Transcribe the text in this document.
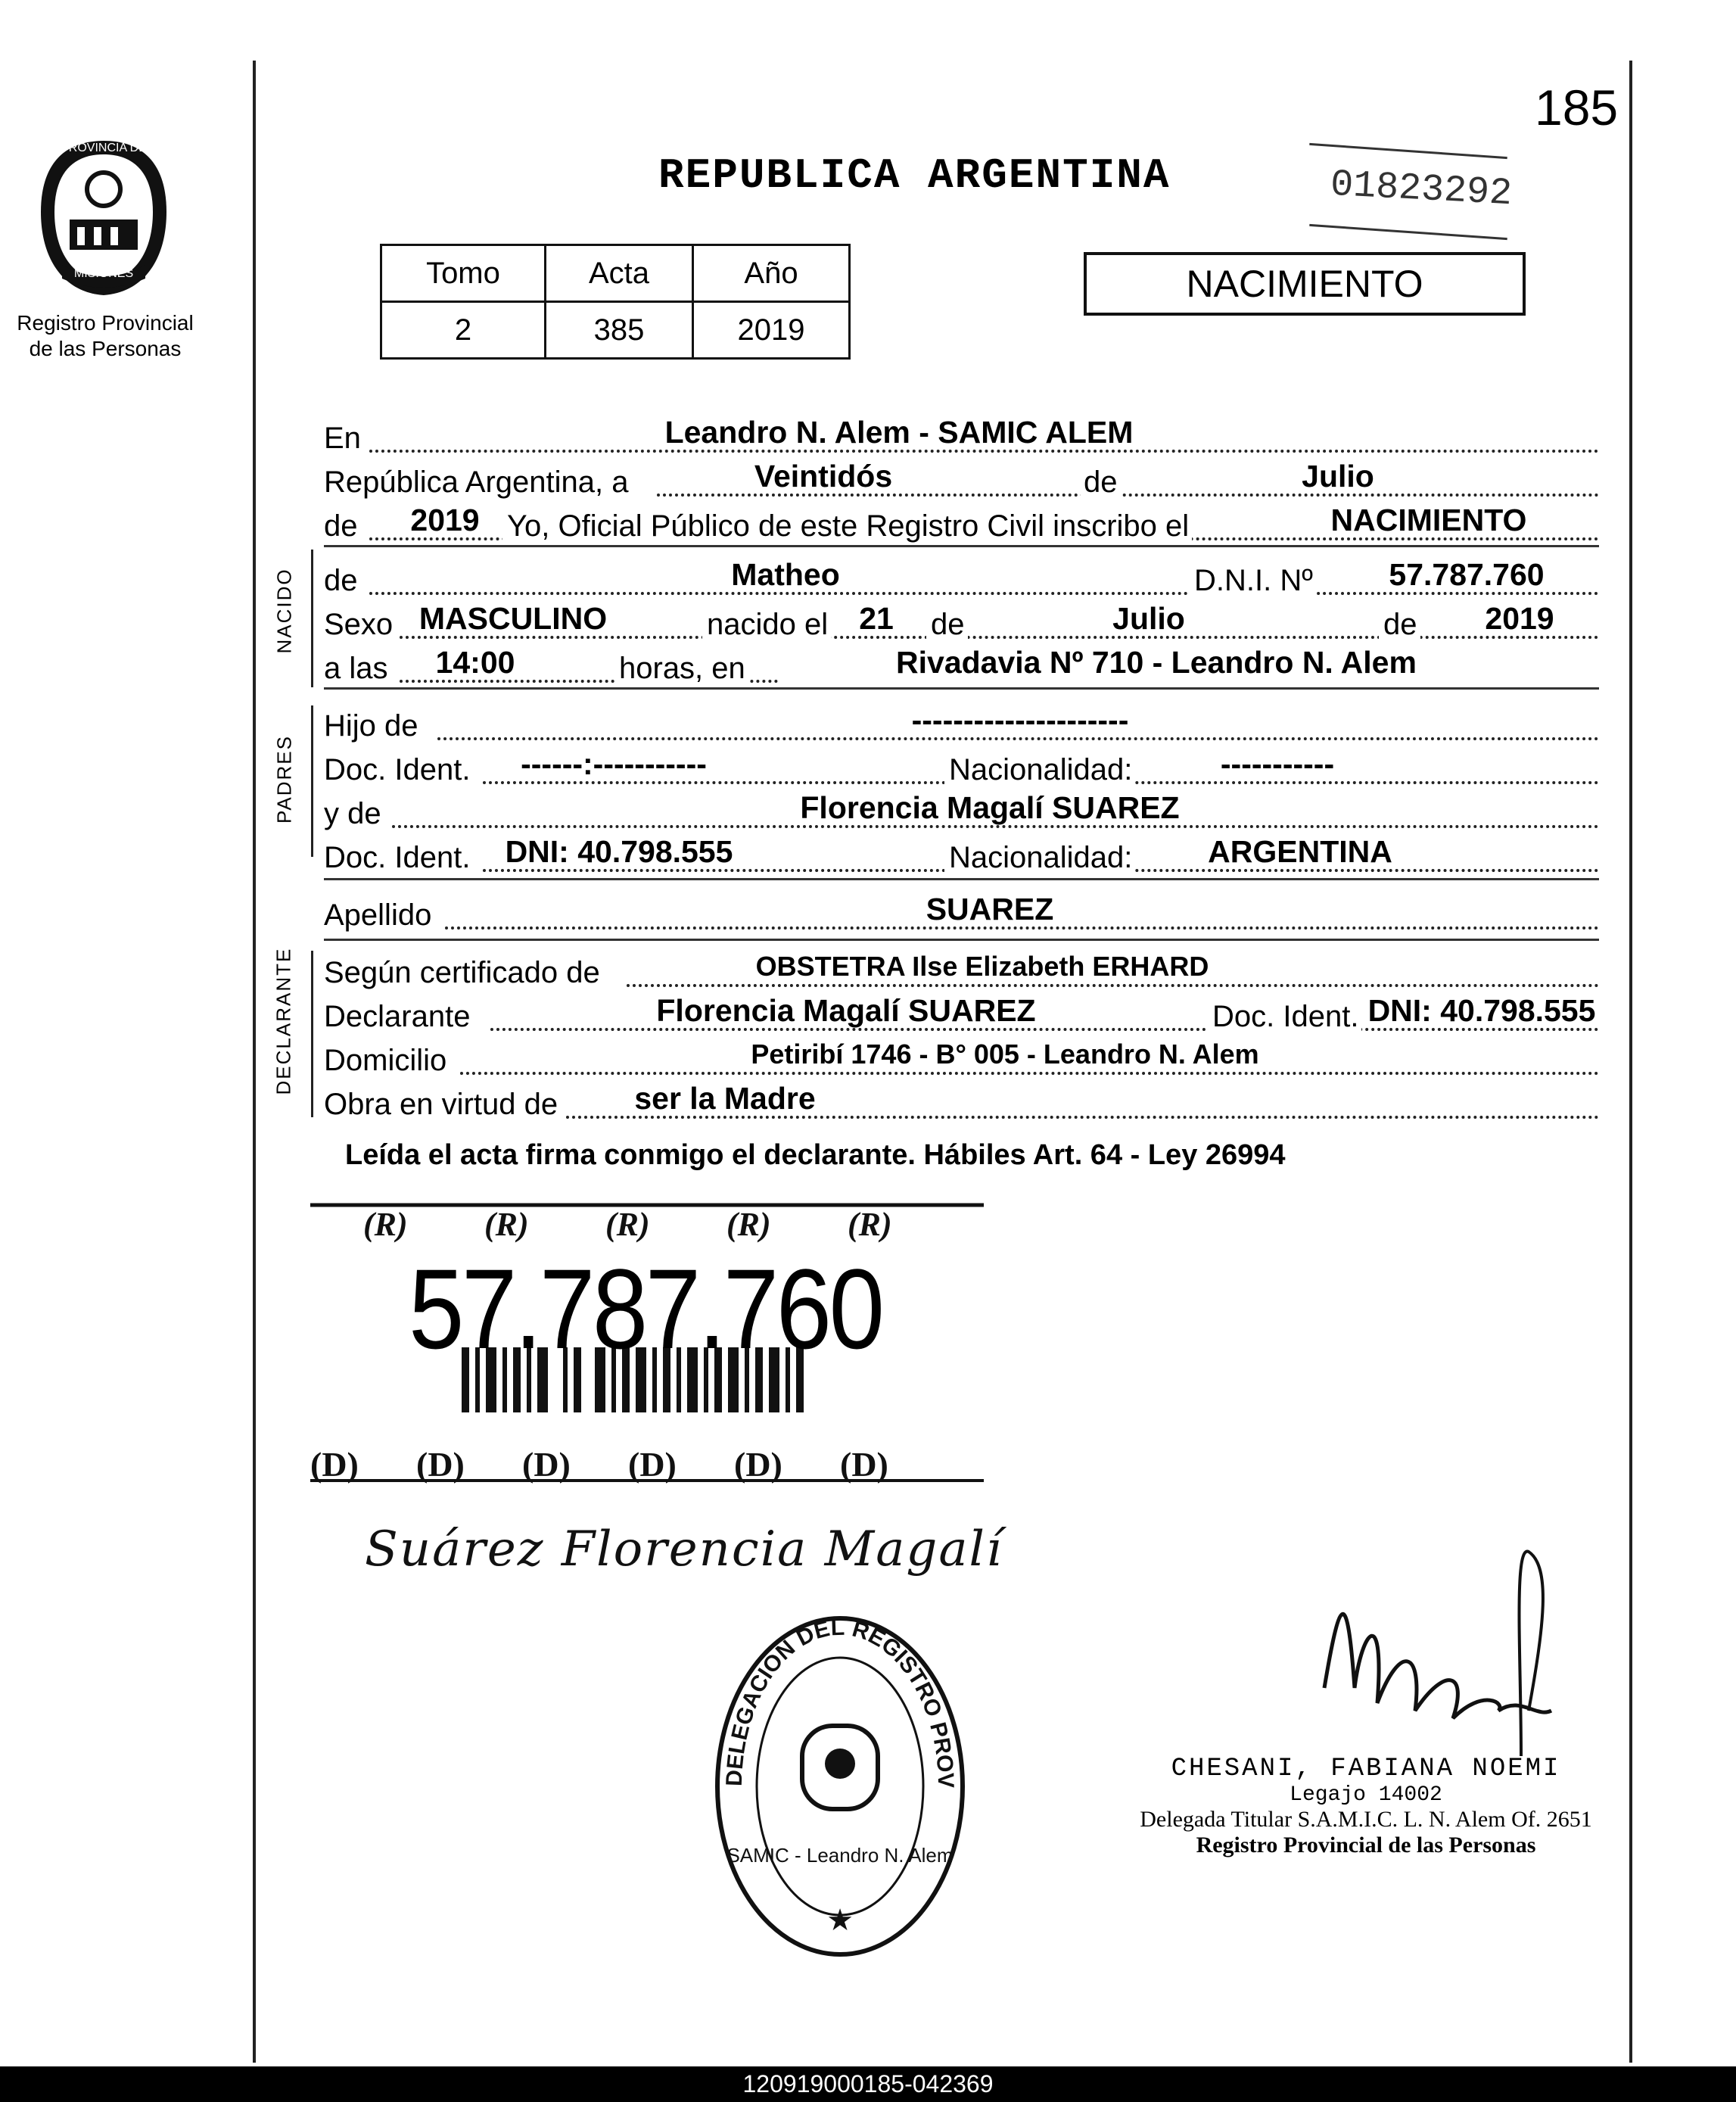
185
PROVINCIA DE
MISIONES
Registro Provincial
de las Personas
REPUBLICA ARGENTINA	01823292
Tomo	Acta	Año
2	385	2019
NACIMIENTO
En	Leandro N. Alem - SAMIC ALEM
República Argentina, a	Veintidós	de	Julio
de	2019 Yo, Oficial Público de este Registro Civil inscribo el	NACIMIENTO
NACIDO de	Matheo	D.N.I. Nº	57.787.760
Sexo MASCULINO	nacido el 21 de	Julio	de	2019
a las	14:00	horas, en	Rivadavia Nº 710 - Leandro N. Alem
PADRES
Hijo de	---------------------
Doc. Ident.	------:-----------	Nacionalidad:	-----------
y de	Florencia Magalí SUAREZ
Doc. Ident.	DNI: 40.798.555	Nacionalidad:	ARGENTINA
Apellido	SUAREZ
DECLARANTE Según certificado de	OBSTETRA Ilse Elizabeth ERHARD
Declarante	Florencia Magalí SUAREZ	Doc. Ident. DNI: 40.798.555
Domicilio	Petiribí 1746 - B° 005 - Leandro N. Alem
Obra en virtud de	ser la Madre
Leída el acta firma conmigo el declarante. Hábiles Art. 64 - Ley 26994
(R) (R) (R) (R) (R)
(D) (D) (D) (D) (D) (D)
57.787.760
Suárez Florencia Magalí
DELEGACION DEL REGISTRO PROV
SAMIC - Leandro N. Alem
★
CHESANI, FABIANA NOEMI
Legajo 14002
Delegada Titular S.A.M.I.C. L. N. Alem Of. 2651
Registro Provincial de las Personas
120919000185-042369
